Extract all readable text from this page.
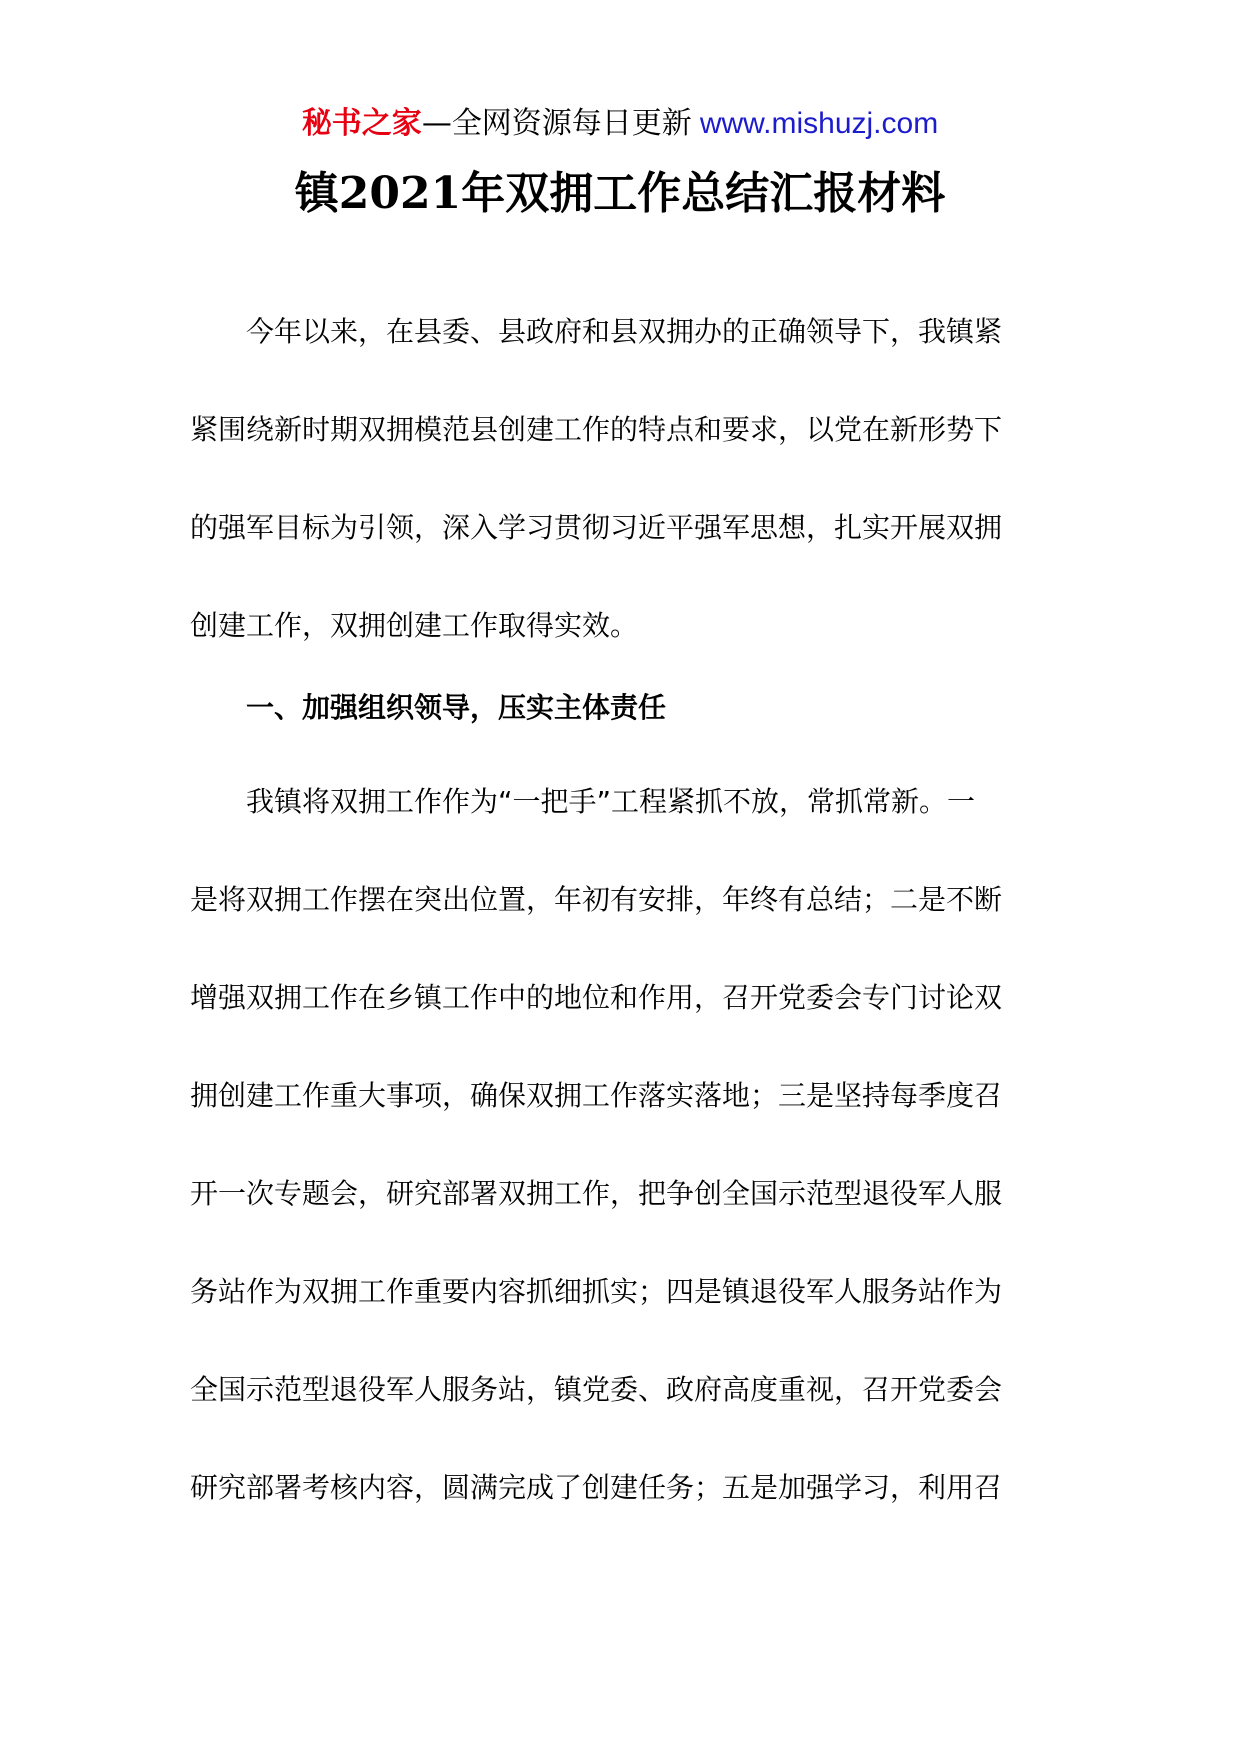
秘书之家—全网资源每日更新 www.mishuzj.com
镇2021年双拥工作总结汇报材料
今年以来，在县委、县政府和县双拥办的正确领导下，我镇紧
紧围绕新时期双拥模范县创建工作的特点和要求，以党在新形势下
的强军目标为引领，深入学习贯彻习近平强军思想，扎实开展双拥
创建工作，双拥创建工作取得实效。
一、加强组织领导，压实主体责任
我镇将双拥工作作为“一把手”工程紧抓不放，常抓常新。一
是将双拥工作摆在突出位置，年初有安排，年终有总结；二是不断
增强双拥工作在乡镇工作中的地位和作用，召开党委会专门讨论双
拥创建工作重大事项，确保双拥工作落实落地；三是坚持每季度召
开一次专题会，研究部署双拥工作，把争创全国示范型退役军人服
务站作为双拥工作重要内容抓细抓实；四是镇退役军人服务站作为
全国示范型退役军人服务站，镇党委、政府高度重视，召开党委会
研究部署考核内容，圆满完成了创建任务；五是加强学习，利用召
